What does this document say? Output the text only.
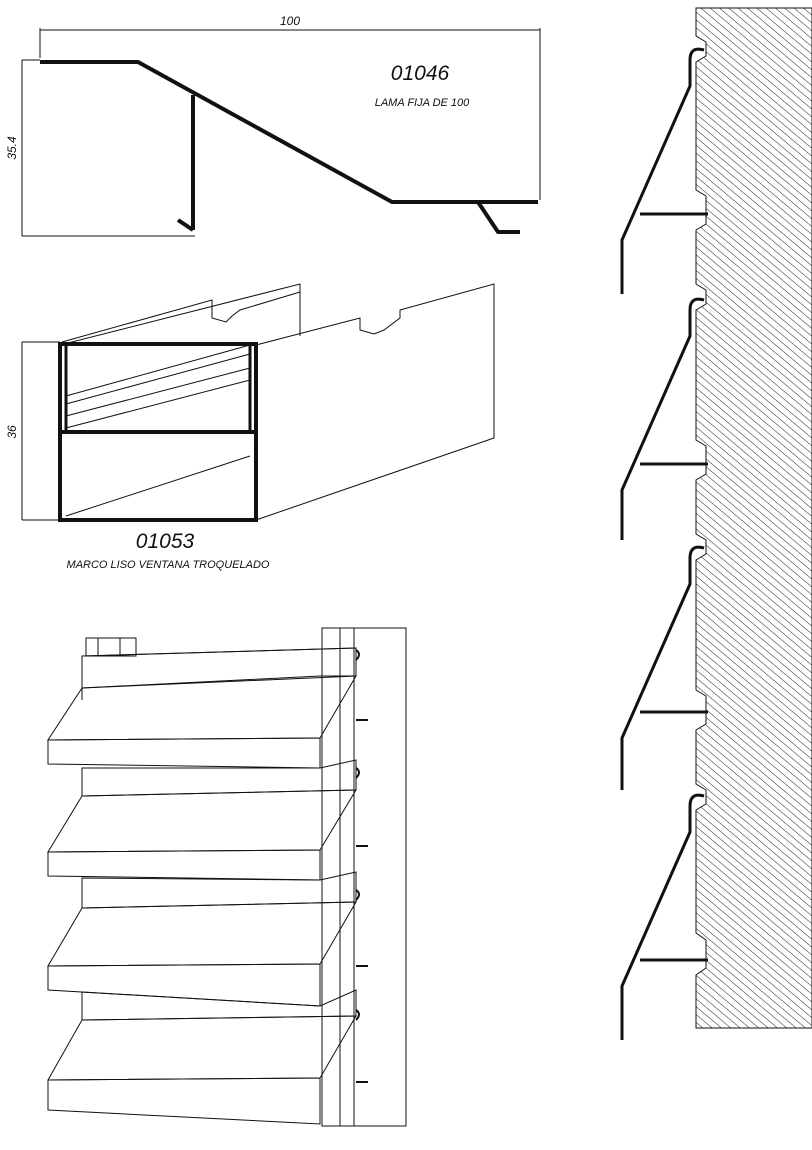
100
35.4
01046
LAMA FIJA DE 100
36
01053
MARCO LISO VENTANA TROQUELADO
